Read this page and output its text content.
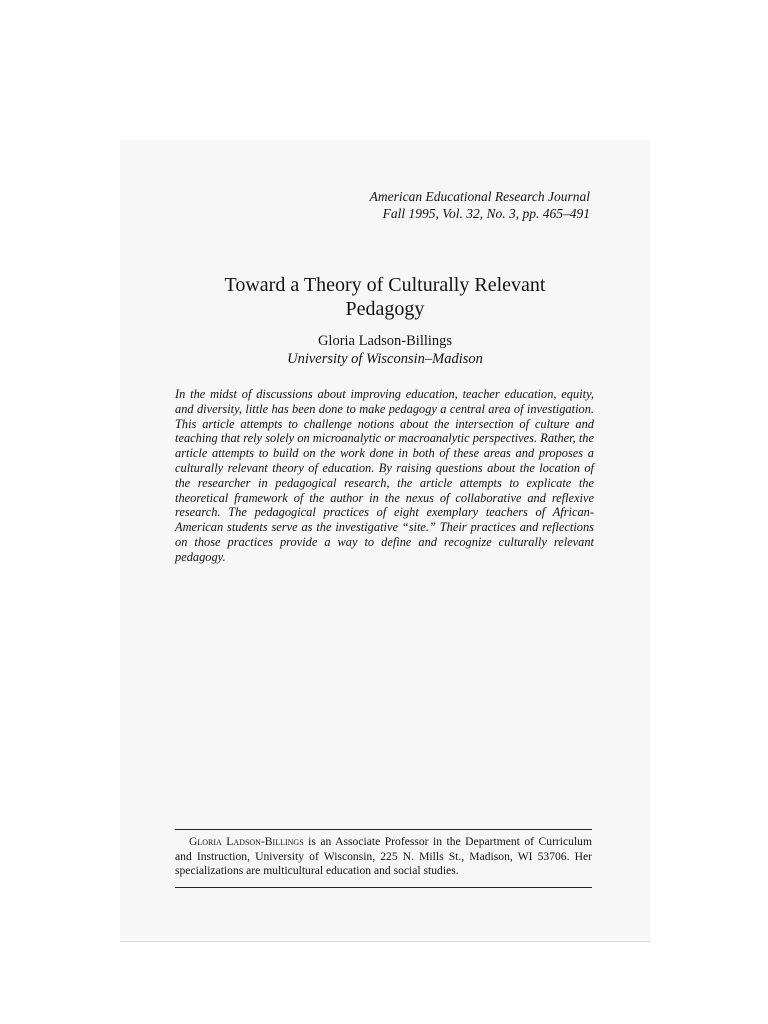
American Educational Research Journal
Fall 1995, Vol. 32, No. 3, pp. 465–491
Toward a Theory of Culturally Relevant
Pedagogy
Gloria Ladson-Billings
University of Wisconsin–Madison

In the midst of discussions about improving education, teacher education, equity, and diversity, little has been done to make pedagogy a central area of investigation. This article attempts to challenge notions about the intersection of culture and teaching that rely solely on microanalytic or macroanalytic perspectives. Rather, the article attempts to build on the work done in both of these areas and proposes a culturally relevant theory of education. By raising questions about the location of the researcher in pedagogical research, the article attempts to explicate the theoretical framework of the author in the nexus of collaborative and reflexive research. The pedagogical practices of eight exemplary teachers of African-American students serve as the investigative “site.” Their practices and reflections on those practices provide a way to define and recognize culturally relevant pedagogy.

Gloria Ladson-Billings is an Associate Professor in the Department of Curriculum and Instruction, University of Wisconsin, 225 N. Mills St., Madison, WI 53706. Her specializations are multicultural education and social studies.
